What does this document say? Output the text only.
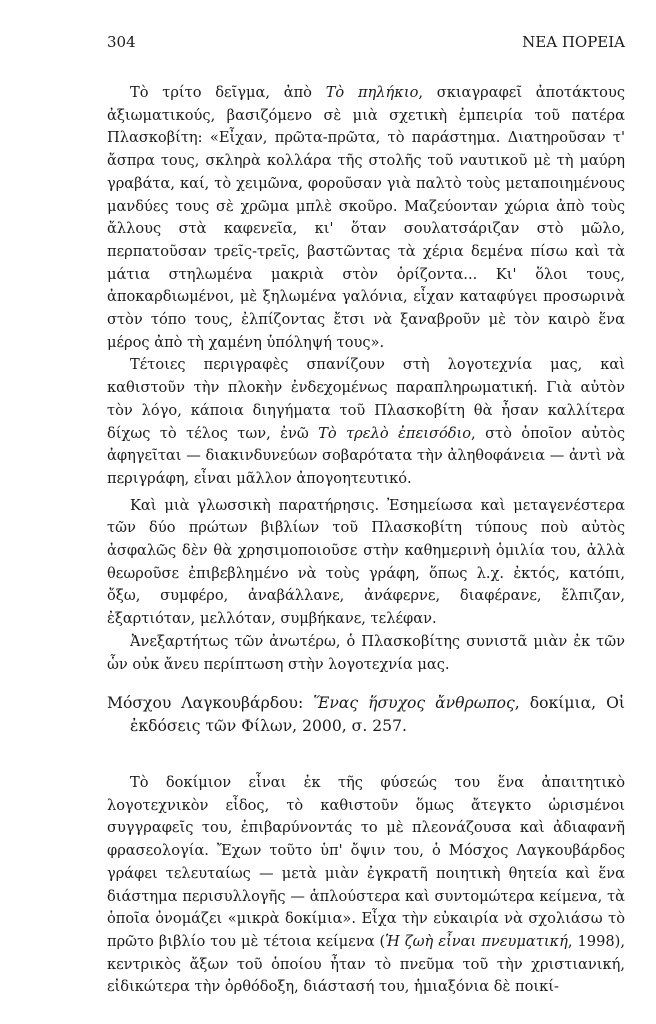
304	ΝΕΑ ΠΟΡΕΙΑ

Τὸ τρίτο δεῖγμα, ἀπὸ Τὸ πηλήκιο, σκιαγραφεῖ ἀποτάκτους ἀξιωματικούς, βασιζόμενο σὲ μιὰ σχετικὴ ἐμπειρία τοῦ πατέρα Πλασκοβίτη: «Εἶχαν, πρῶτα-πρῶτα, τὸ παράστημα. Διατηροῦσαν τ' ἄσπρα τους, σκληρὰ κολλάρα τῆς στολῆς τοῦ ναυτικοῦ μὲ τὴ μαύρη γραβάτα, καί, τὸ χειμῶνα, φοροῦσαν γιὰ παλτὸ τοὺς μεταποιημένους μανδύες τους σὲ χρῶμα μπλὲ σκοῦρο. Μαζεύονταν χώρια ἀπὸ τοὺς ἄλλους στὰ καφενεῖα, κι' ὅταν σουλατσάριζαν στὸ μῶλο, περπατοῦσαν τρεῖς-τρεῖς, βαστῶντας τὰ χέρια δεμένα πίσω καὶ τὰ μάτια στηλωμένα μακριὰ στὸν ὁρίζοντα... Κι' ὅλοι τους, ἀποκαρδιωμένοι, μὲ ξηλωμένα γαλόνια, εἶχαν καταφύγει προσωρινὰ στὸν τόπο τους, ἐλπίζοντας ἔτσι νὰ ξαναβροῦν μὲ τὸν καιρὸ ἕνα μέρος ἀπὸ τὴ χαμένη ὑπόληψή τους».

Τέτοιες περιγραφὲς σπανίζουν στὴ λογοτεχνία μας, καὶ καθιστοῦν τὴν πλοκὴν ἐνδεχομένως παραπληρωματική. Γιὰ αὐτὸν τὸν λόγο, κάποια διηγήματα τοῦ Πλασκοβίτη θὰ ἦσαν καλλίτερα δίχως τὸ τέλος των, ἐνῶ Τὸ τρελὸ ἐπεισόδιο, στὸ ὁποῖον αὐτὸς ἀφηγεῖται — διακινδυνεύων σοβαρότατα τὴν ἀληθοφάνεια — ἀντὶ νὰ περιγράφη, εἶναι μᾶλλον ἀπογοητευτικό.

Καὶ μιὰ γλωσσικὴ παρατήρησις. Ἐσημείωσα καὶ μεταγενέστερα τῶν δύο πρώτων βιβλίων τοῦ Πλασκοβίτη τύπους ποὺ αὐτὸς ἀσφαλῶς δὲν θὰ χρησιμοποιοῦσε στὴν καθημερινὴ ὁμιλία του, ἀλλὰ θεωροῦσε ἐπιβεβλημένο νὰ τοὺς γράφη, ὅπως λ.χ. ἐκτός, κατόπι, ὄξω, συμφέρο, ἀναβάλλανε, ἀνάφερνε, διαφέρανε, ἔλπιζαν, ἐξαρτιόταν, μελλόταν, συμβήκανε, τελέφαν.

Ἀνεξαρτήτως τῶν ἀνωτέρω, ὁ Πλασκοβίτης συνιστᾶ μιὰν ἐκ τῶν ὧν οὐκ ἄνευ περίπτωση στὴν λογοτεχνία μας.

Μόσχου Λαγκουβάρδου: Ἕνας ἥσυχος ἄνθρωπος, δοκίμια, Οἱ ἐκδόσεις τῶν Φίλων, 2000, σ. 257.

Τὸ δοκίμιον εἶναι ἐκ τῆς φύσεώς του ἕνα ἀπαιτητικὸ λογοτεχνικὸν εἶδος, τὸ καθιστοῦν ὅμως ἄτεγκτο ὡρισμένοι συγγραφεῖς του, ἐπιβαρύνοντάς το μὲ πλεονάζουσα καὶ ἀδιαφανῆ φρασεολογία. Ἔχων τοῦτο ὑπ' ὄψιν του, ὁ Μόσχος Λαγκουβάρδος γράφει τελευταίως — μετὰ μιὰν ἐγκρατῆ ποιητικὴ θητεία καὶ ἕνα διάστημα περισυλλογῆς — ἁπλούστερα καὶ συντομώτερα κείμενα, τὰ ὁποῖα ὀνομάζει «μικρὰ δοκίμια». Εἶχα τὴν εὐκαιρία νὰ σχολιάσω τὸ πρῶτο βιβλίο του μὲ τέτοια κείμενα (Ἡ ζωὴ εἶναι πνευματική, 1998), κεντρικὸς ἄξων τοῦ ὁποίου ἦταν τὸ πνεῦμα τοῦ τὴν χριστιανική, εἰδικώτερα τὴν ὀρθόδοξη, διάστασή του, ἡμιαξόνια δὲ ποικί-
